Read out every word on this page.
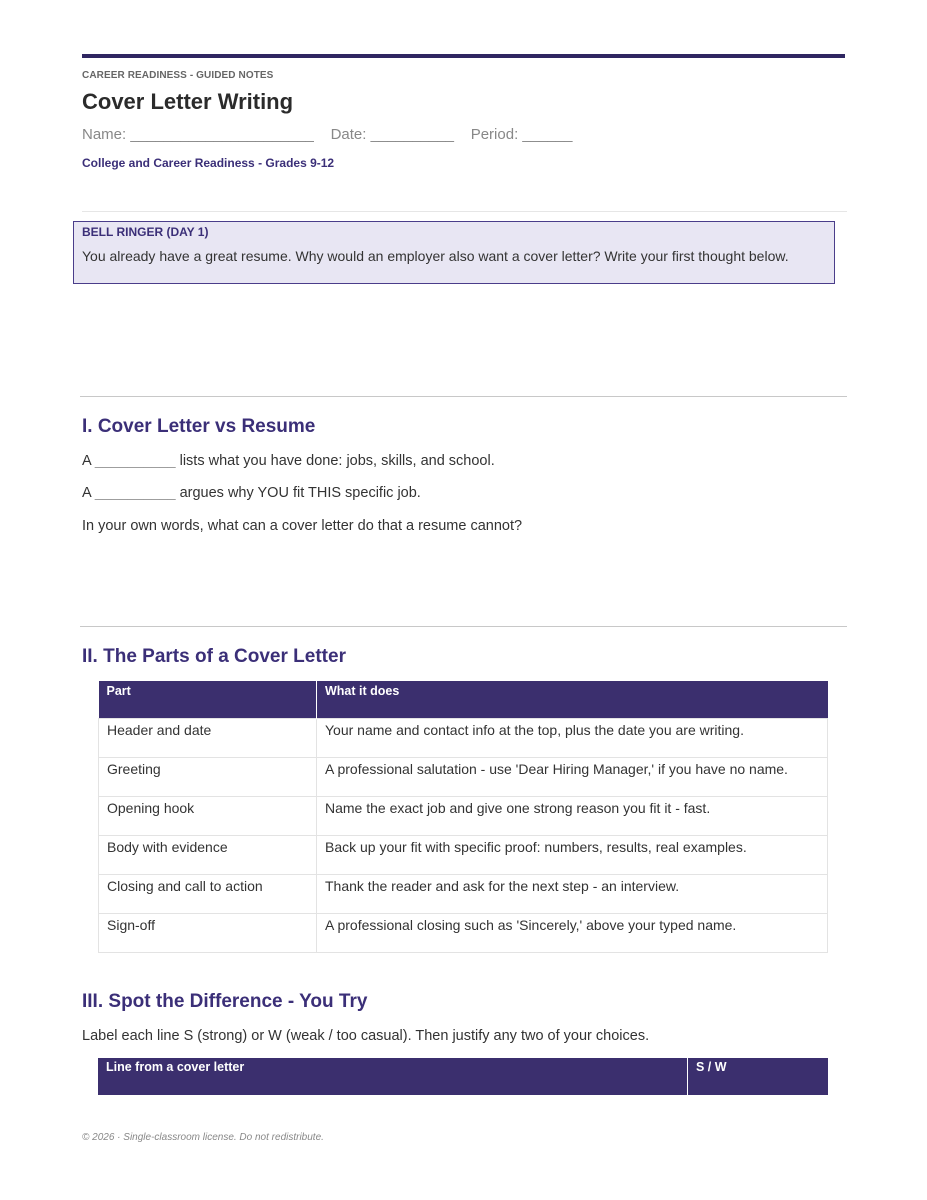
CAREER READINESS - GUIDED NOTES
Cover Letter Writing
Name: ______________________ Date: __________ Period: ______
College and Career Readiness - Grades 9-12
BELL RINGER (DAY 1)
You already have a great resume. Why would an employer also want a cover letter? Write your first thought below.
I. Cover Letter vs Resume
A __________ lists what you have done: jobs, skills, and school.
A __________ argues why YOU fit THIS specific job.
In your own words, what can a cover letter do that a resume cannot?
II. The Parts of a Cover Letter
Part	What it does
Header and date	Your name and contact info at the top, plus the date you are writing.
Greeting	A professional salutation - use 'Dear Hiring Manager,' if you have no name.
Opening hook	Name the exact job and give one strong reason you fit it - fast.
Body with evidence	Back up your fit with specific proof: numbers, results, real examples.
Closing and call to action	Thank the reader and ask for the next step - an interview.
Sign-off	A professional closing such as 'Sincerely,' above your typed name.
III. Spot the Difference - You Try
Label each line S (strong) or W (weak / too casual). Then justify any two of your choices.
Line from a cover letter	S / W
© 2026 · Single-classroom license. Do not redistribute.
